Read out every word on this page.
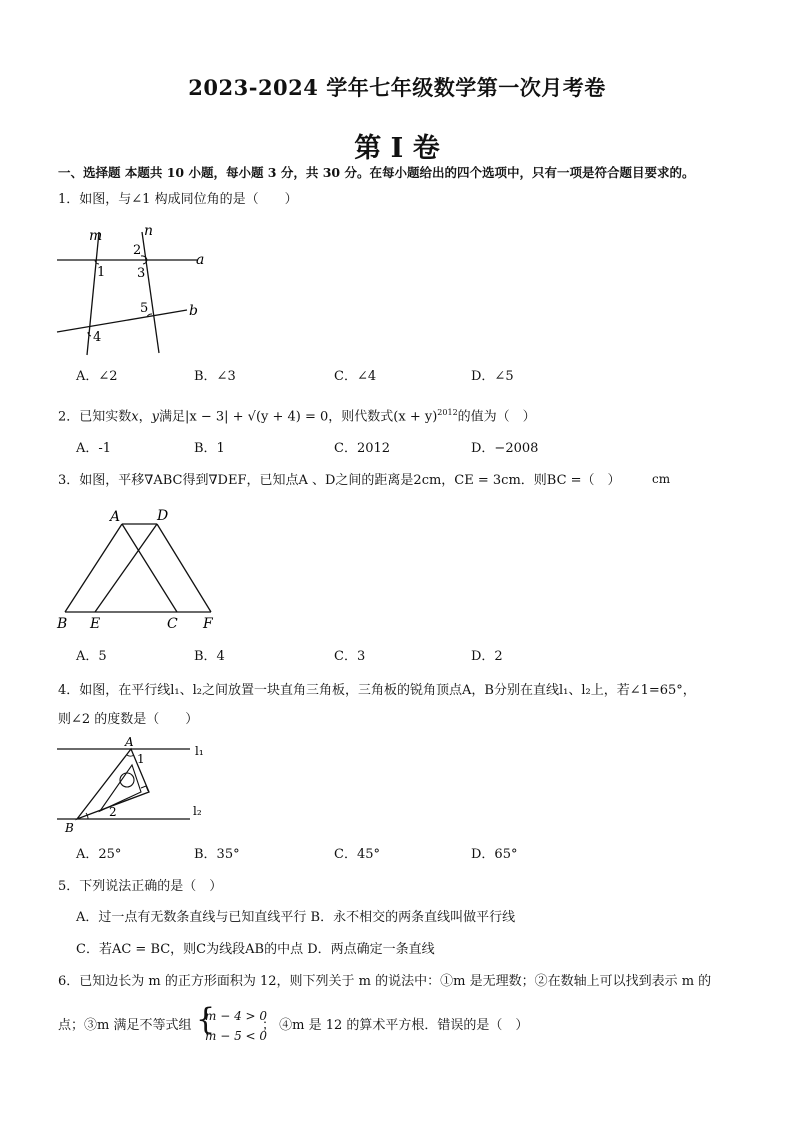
2023-2024 学年七年级数学第一次月考卷
第 I 卷
一、选择题 本题共 10 小题，每小题 3 分，共 30 分。在每小题给出的四个选项中，只有一项是符合题目要求的。
1．如图，与∠1 构成同位角的是（　　）
m	n
a
b
1
2
3
4
5
A．∠2	B．∠3	C．∠4	D．∠5
2．已知实数x，y满足|x − 3| + √(y + 4) = 0，则代数式$(x + y)^{2012}$的值为（　）
A．-1	B．1	C．2012	D．−2008
3．如图，平移∇ABC得到∇DEF，已知点A 、D之间的距离是2cm，CE = 3cm．则BC =（　）	cm
A	D
B E	C F
A．5	B．4	C．3	D．2
4．如图，在平行线l₁、l₂之间放置一块直角三角板，三角板的锐角顶点A，B分别在直线l₁、l₂上，若∠1=65°，
则∠2 的度数是（　　）
A
1
l₁
2	l₂
B
A．25°	B．35°	C．45°	D．65°
5．下列说法正确的是（　）
A．过一点有无数条直线与已知直线平行 B．永不相交的两条直线叫做平行线
C．若AC = BC，则C为线段AB的中点 D．两点确定一条直线
6．已知边长为 m 的正方形面积为 12，则下列关于 m 的说法中：①m 是无理数；②在数轴上可以找到表示 m 的
点；③m 满足不等式组 {
m − 4 > 0
m − 5 < 0
； ④m 是 12 的算术平方根．错误的是（　）
